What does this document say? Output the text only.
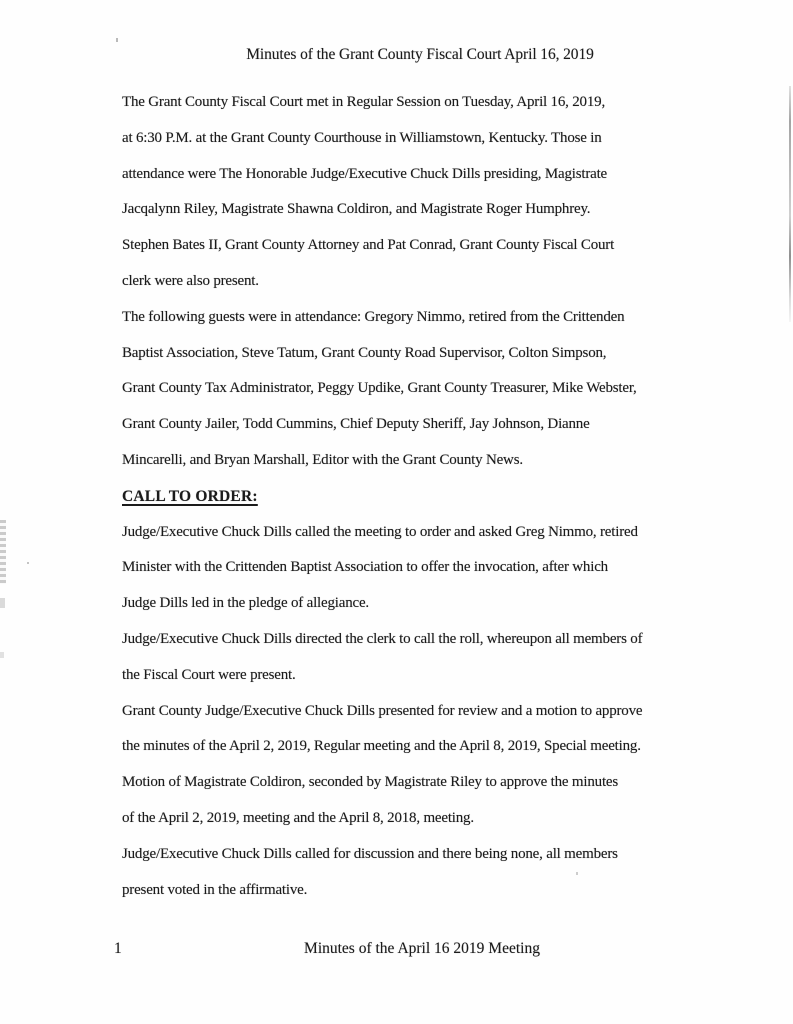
Minutes of the Grant County Fiscal Court April 16, 2019
The Grant County Fiscal Court met in Regular Session on Tuesday, April 16, 2019,
at 6:30 P.M. at the Grant County Courthouse in Williamstown, Kentucky. Those in
attendance were The Honorable Judge/Executive Chuck Dills presiding, Magistrate
Jacqalynn Riley, Magistrate Shawna Coldiron, and Magistrate Roger Humphrey.
Stephen Bates II, Grant County Attorney and Pat Conrad, Grant County Fiscal Court
clerk were also present.
The following guests were in attendance: Gregory Nimmo, retired from the Crittenden
Baptist Association, Steve Tatum, Grant County Road Supervisor, Colton Simpson,
Grant County Tax Administrator, Peggy Updike, Grant County Treasurer, Mike Webster,
Grant County Jailer, Todd Cummins, Chief Deputy Sheriff, Jay Johnson, Dianne
Mincarelli, and Bryan Marshall, Editor with the Grant County News.
CALL TO ORDER:
Judge/Executive Chuck Dills called the meeting to order and asked Greg Nimmo, retired
Minister with the Crittenden Baptist Association to offer the invocation, after which
Judge Dills led in the pledge of allegiance.
Judge/Executive Chuck Dills directed the clerk to call the roll, whereupon all members of
the Fiscal Court were present.
Grant County Judge/Executive Chuck Dills presented for review and a motion to approve
the minutes of the April 2, 2019, Regular meeting and the April 8, 2019, Special meeting.
Motion of Magistrate Coldiron, seconded by Magistrate Riley to approve the minutes
of the April 2, 2019, meeting and the April 8, 2018, meeting.
Judge/Executive Chuck Dills called for discussion and there being none, all members
present voted in the affirmative.
1	Minutes of the April 16 2019 Meeting
